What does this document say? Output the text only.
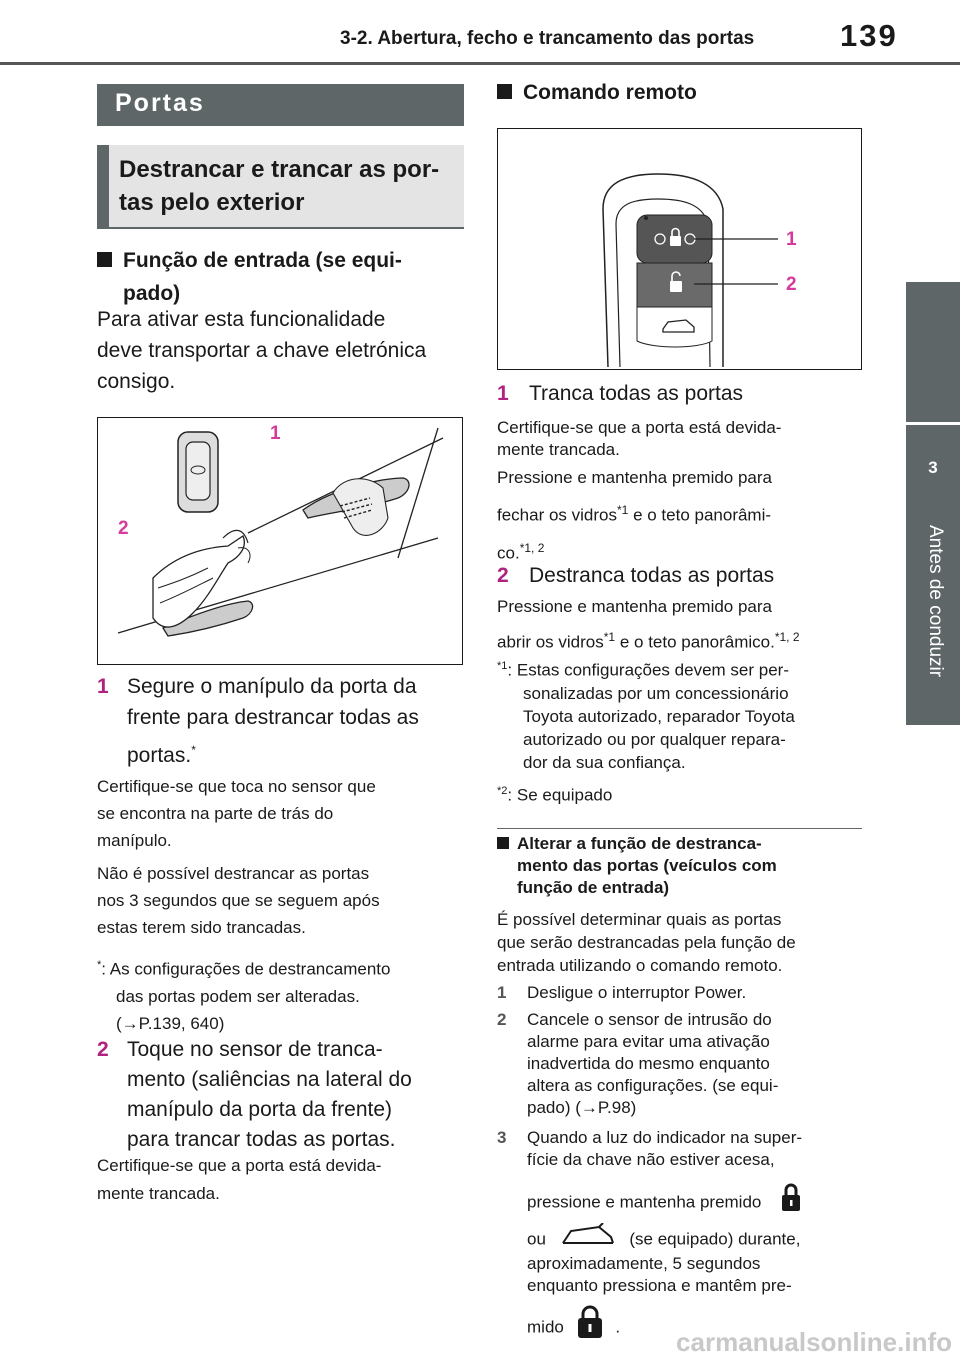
3-2. Abertura, fecho e trancamento das portas	139
3
Antes de conduzir
Portas
Destrancar e trancar as por-
tas pelo exterior
Função de entrada (se equi-
pado)
Para ativar esta funcionalidade
deve transportar a chave eletrónica
consigo.
1
2
1 Segure o manípulo da porta da
frente para destrancar todas as
portas.*
Certifique-se que toca no sensor que
se encontra na parte de trás do
manípulo.
Não é possível destrancar as portas
nos 3 segundos que se seguem após
estas terem sido trancadas.
*: As configurações de destrancamento
das portas podem ser alteradas.
(→P.139, 640)
2 Toque no sensor de tranca-
mento (saliências na lateral do
manípulo da porta da frente)
para trancar todas as portas.
Certifique-se que a porta está devida-
mente trancada.
Comando remoto
1
2
1 Tranca todas as portas
Certifique-se que a porta está devida-
mente trancada.
Pressione e mantenha premido para
fechar os vidros$^{*1}$ e o teto panorâmi-
co.$^{*1, 2}$
2 Destranca todas as portas
Pressione e mantenha premido para
abrir os vidros$^{*1}$ e o teto panorâmico.$^{*1, 2}$
$^{*1}$: Estas configurações devem ser per-
sonalizadas por um concessionário
Toyota autorizado, reparador Toyota
autorizado ou por qualquer repara-
dor da sua confiança.
$^{*2}$: Se equipado
Alterar a função de destranca-
mento das portas (veículos com
função de entrada)
É possível determinar quais as portas
que serão destrancadas pela função de
entrada utilizando o comando remoto.
1 Desligue o interruptor Power.
2 Cancele o sensor de intrusão do
alarme para evitar uma ativação
inadvertida do mesmo enquanto
altera as configurações. (se equi-
pado) (→P.98)
3 Quando a luz do indicador na super-
fície da chave não estiver acesa,
pressione e mantenha premido
ou	(se equipado) durante,
aproximadamente, 5 segundos
enquanto pressiona e mantêm pre-
mido	.
carmanualsonline.info
